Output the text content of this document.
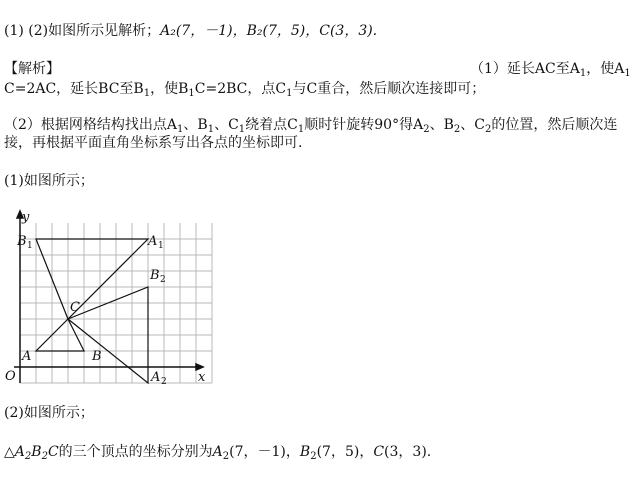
(1) (2)如图所示见解析；A₂(7，－1)，B₂(7，5)，C(3，3).
【解析】	（1）延长AC至$A_1$，使$A_1$
C=2AC，延长BC至$B_1$，使$B_1C=2BC$，点$C_1$与C重合，然后顺次连接即可；
（2）根据网格结构找出点$A_1$、$B_1$、$C_1$绕着点$C_1$顺时针旋转90°得$A_2$、$B_2$、$C_2$的位置，然后顺次连
接，再根据平面直角坐标系写出各点的坐标即可.
(1)如图所示；
y
x
O
B 1	A 1
B 2
C
A	B
A 2
(2)如图所示；
$\triangle A_2B_2C$的三个顶点的坐标分别为$A_2(7$，－1)，$B_2(7$，5)，C(3，3).
